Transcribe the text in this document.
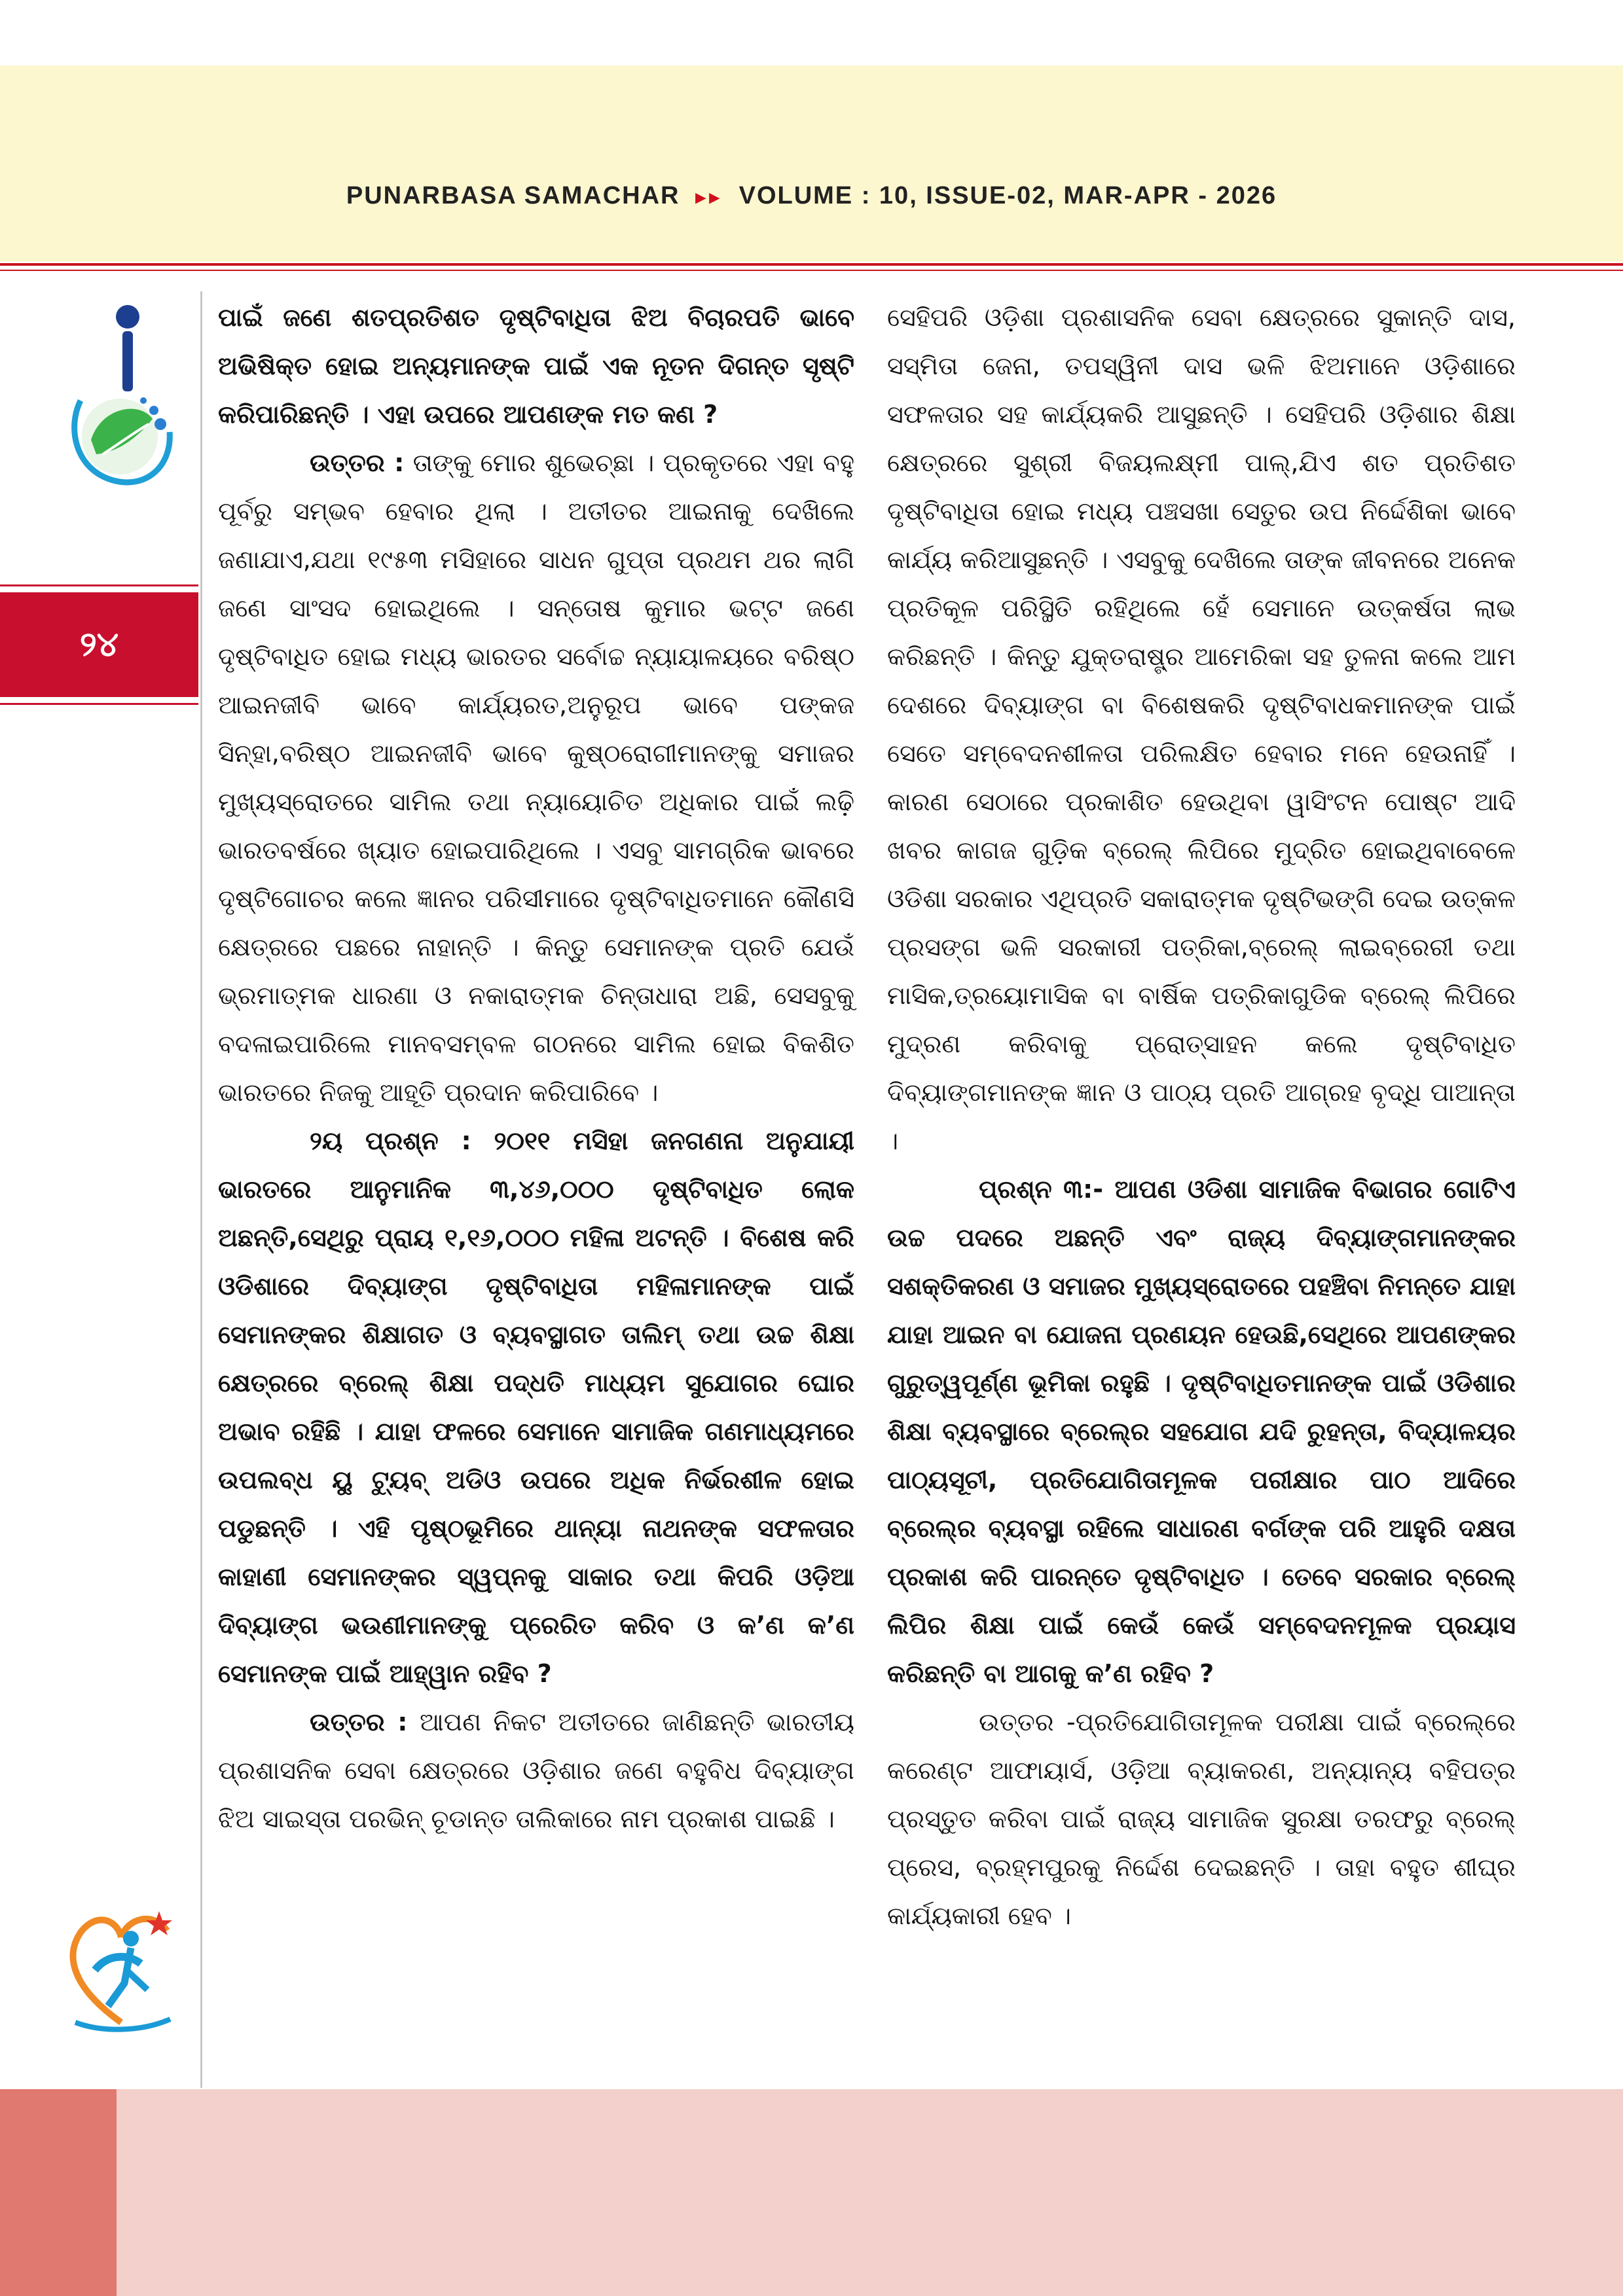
PUNARBASA SAMACHAR ▸▸ VOLUME : 10, ISSUE-02, MAR-APR - 2026
୨୪

ପାଇଁ ଜଣେ ଶତପ୍ରତିଶତ ଦୃଷ୍ଟିବାଧିତା ଝିଅ ବିଚାରପତି ଭାବେ ଅଭିଷିକ୍ତ ହୋଇ ଅନ୍ୟମାନଙ୍କ ପାଇଁ ଏକ ନୂତନ ଦିଗନ୍ତ ସୃଷ୍ଟି କରିପାରିଛନ୍ତି । ଏହା ଉପରେ ଆପଣଙ୍କ ମତ କଣ ?

ଉତ୍ତର : ତାଙ୍କୁ ମୋର ଶୁଭେଚ୍ଛା । ପ୍ରକୃତରେ ଏହା ବହୁ ପୂର୍ବରୁ ସମ୍ଭବ ହେବାର ଥିଲା । ଅତୀତର ଆଇନାକୁ ଦେଖିଲେ ଜଣାଯାଏ,ଯଥା ୧୯୫୩ ମସିହାରେ ସାଧନ ଗୁପ୍ତା ପ୍ରଥମ ଥର ଲାଗି ଜଣେ ସାଂସଦ ହୋଇଥିଲେ । ସନ୍ତୋଷ କୁମାର ଭଟ୍ଟ ଜଣେ ଦୃଷ୍ଟିବାଧିତ ହୋଇ ମଧ୍ୟ ଭାରତର ସର୍ବୋଚ୍ଚ ନ୍ୟାୟାଳୟରେ ବରିଷ୍ଠ ଆଇନଜୀବି ଭାବେ କାର୍ଯ୍ୟରତ,ଅନୁରୂପ ଭାବେ ପଙ୍କଜ ସିନ୍ହା,ବରିଷ୍ଠ ଆଇନଜୀବି ଭାବେ କୁଷ୍ଠରୋଗୀମାନଙ୍କୁ ସମାଜର ମୁଖ୍ୟସ୍ରୋତରେ ସାମିଲ ତଥା ନ୍ୟାୟୋଚିତ ଅଧିକାର ପାଇଁ ଲଢ଼ି ଭାରତବର୍ଷରେ ଖ୍ୟାତ ହୋଇପାରିଥିଲେ । ଏସବୁ ସାମଗ୍ରିକ ଭାବରେ ଦୃଷ୍ଟିଗୋଚର କଲେ ଜ୍ଞାନର ପରିସୀମାରେ ଦୃଷ୍ଟିବାଧିତମାନେ କୌଣସି କ୍ଷେତ୍ରରେ ପଛରେ ନାହାନ୍ତି । କିନ୍ତୁ ସେମାନଙ୍କ ପ୍ରତି ଯେଉଁ ଭ୍ରମାତ୍ମକ ଧାରଣା ଓ ନକାରାତ୍ମକ ଚିନ୍ତାଧାରା ଅଛି, ସେସବୁକୁ ବଦଳାଇପାରିଲେ ମାନବସମ୍ବଳ ଗଠନରେ ସାମିଲ ହୋଇ ବିକଶିତ ଭାରତରେ ନିଜକୁ ଆହୂତି ପ୍ରଦାନ କରିପାରିବେ ।

୨ୟ ପ୍ରଶ୍ନ : ୨୦୧୧ ମସିହା ଜନଗଣନା ଅନୁଯାୟୀ ଭାରତରେ ଆନୁମାନିକ ୩,୪୬,୦୦୦ ଦୃଷ୍ଟିବାଧିତ ଲୋକ ଅଛନ୍ତି,ସେଥିରୁ ପ୍ରାୟ ୧,୧୬,୦୦୦ ମହିଳା ଅଟନ୍ତି । ବିଶେଷ କରି ଓଡିଶାରେ ଦିବ୍ୟାଙ୍ଗ ଦୃଷ୍ଟିବାଧିତା ମହିଳାମାନଙ୍କ ପାଇଁ ସେମାନଙ୍କର ଶିକ୍ଷାଗତ ଓ ବ୍ୟବସ୍ଥାଗତ ତାଲିମ୍ ତଥା ଉଚ୍ଚ ଶିକ୍ଷା କ୍ଷେତ୍ରରେ ବ୍ରେଲ୍ ଶିକ୍ଷା ପଦ୍ଧତି ମାଧ୍ୟମ ସୁଯୋଗର ଘୋର ଅଭାବ ରହିଛି । ଯାହା ଫଳରେ ସେମାନେ ସାମାଜିକ ଗଣମାଧ୍ୟମରେ ଉପଲବ୍ଧ ୟୁ ଟ୍ୟୁବ୍ ଅଡିଓ ଉପରେ ଅଧିକ ନିର୍ଭରଶୀଳ ହୋଇ ପଡୁଛନ୍ତି । ଏହି ପୃଷ୍ଠଭୂମିରେ ଥାନ୍ୟା ନାଥନଙ୍କ ସଫଳତାର କାହାଣୀ ସେମାନଙ୍କର ସ୍ୱପ୍ନକୁ ସାକାର ତଥା କିପରି ଓଡ଼ିଆ ଦିବ୍ୟାଙ୍ଗ ଭଉଣୀମାନଙ୍କୁ ପ୍ରେରିତ କରିବ ଓ କ’ଣ କ’ଣ ସେମାନଙ୍କ ପାଇଁ ଆହ୍ୱାନ ରହିବ ?

ଉତ୍ତର : ଆପଣ ନିକଟ ଅତୀତରେ ଜାଣିଛନ୍ତି ଭାରତୀୟ ପ୍ରଶାସନିକ ସେବା କ୍ଷେତ୍ରରେ ଓଡ଼ିଶାର ଜଣେ ବହୁବିଧ ଦିବ୍ୟାଙ୍ଗ ଝିଅ ସାଇସ୍ତା ପରଭିନ୍ ଚୂଡାନ୍ତ ତାଲିକାରେ ନାମ ପ୍ରକାଶ ପାଇଛି ।

ସେହିପରି ଓଡ଼ିଶା ପ୍ରଶାସନିକ ସେବା କ୍ଷେତ୍ରରେ ସୁକାନ୍ତି ଦାସ, ସସ୍ମିତା ଜେନା, ତପସ୍ୱିନୀ ଦାସ ଭଳି ଝିଅମାନେ ଓଡ଼ିଶାରେ ସଫଳତାର ସହ କାର୍ଯ୍ୟକରି ଆସୁଛନ୍ତି । ସେହିପରି ଓଡ଼ିଶାର ଶିକ୍ଷା କ୍ଷେତ୍ରରେ ସୁଶ୍ରୀ ବିଜୟଲକ୍ଷ୍ମୀ ପାଲ୍,ଯିଏ ଶତ ପ୍ରତିଶତ ଦୃଷ୍ଟିବାଧିତା ହୋଇ ମଧ୍ୟ ପଞ୍ଚସଖା ସେତୁର ଉପ ନିର୍ଦ୍ଦେଶିକା ଭାବେ କାର୍ଯ୍ୟ କରିଆସୁଛନ୍ତି । ଏସବୁକୁ ଦେଖିଲେ ତାଙ୍କ ଜୀବନରେ ଅନେକ ପ୍ରତିକୂଳ ପରିସ୍ଥିତି ରହିଥିଲେ ହେଁ ସେମାନେ ଉତ୍କର୍ଷତା ଲାଭ କରିଛନ୍ତି । କିନ୍ତୁ ଯୁକ୍ତରାଷ୍ଟ୍ର ଆମେରିକା ସହ ତୁଳନା କଲେ ଆମ ଦେଶରେ ଦିବ୍ୟାଙ୍ଗ ବା ବିଶେଷକରି ଦୃଷ୍ଟିବାଧକମାନଙ୍କ ପାଇଁ ସେତେ ସମ୍ବେଦନଶୀଳତା ପରିଲକ୍ଷିତ ହେବାର ମନେ ହେଉନାହିଁ । କାରଣ ସେଠାରେ ପ୍ରକାଶିତ ହେଉଥିବା ୱାସିଂଟନ ପୋଷ୍ଟ ଆଦି ଖବର କାଗଜ ଗୁଡ଼ିକ ବ୍ରେଲ୍ ଲିପିରେ ମୁଦ୍ରିତ ହୋଇଥିବାବେଳେ ଓଡିଶା ସରକାର ଏଥିପ୍ରତି ସକାରାତ୍ମକ ଦୃଷ୍ଟିଭଙ୍ଗି ଦେଇ ଉତ୍କଳ ପ୍ରସଙ୍ଗ ଭଳି ସରକାରୀ ପତ୍ରିକା,ବ୍ରେଲ୍ ଲାଇବ୍ରେରୀ ତଥା ମାସିକ,ତ୍ରୟୋମାସିକ ବା ବାର୍ଷିକ ପତ୍ରିକାଗୁଡିକ ବ୍ରେଲ୍ ଲିପିରେ ମୁଦ୍ରଣ କରିବାକୁ ପ୍ରୋତ୍ସାହନ କଲେ ଦୃଷ୍ଟିବାଧିତ ଦିବ୍ୟାଙ୍ଗମାନଙ୍କ ଜ୍ଞାନ ଓ ପାଠ୍ୟ ପ୍ରତି ଆଗ୍ରହ ବୃଦ୍ଧି ପାଆନ୍ତା ।

ପ୍ରଶ୍ନ ୩:- ଆପଣ ଓଡିଶା ସାମାଜିକ ବିଭାଗର ଗୋଟିଏ ଉଚ୍ଚ ପଦରେ ଅଛନ୍ତି ଏବଂ ରାଜ୍ୟ ଦିବ୍ୟାଙ୍ଗମାନଙ୍କର ସଶକ୍ତିକରଣ ଓ ସମାଜର ମୁଖ୍ୟସ୍ରୋତରେ ପହଞ୍ଚିବା ନିମନ୍ତେ ଯାହା ଯାହା ଆଇନ ବା ଯୋଜନା ପ୍ରଣୟନ ହେଉଛି,ସେଥିରେ ଆପଣଙ୍କର ଗୁରୁତ୍ୱପୂର୍ଣ୍ଣ ଭୂମିକା ରହୁଛି । ଦୃଷ୍ଟିବାଧିତମାନଙ୍କ ପାଇଁ ଓଡିଶାର ଶିକ୍ଷା ବ୍ୟବସ୍ଥାରେ ବ୍ରେଲ୍‌ର ସହଯୋଗ ଯଦି ରୁହନ୍ତା, ବିଦ୍ୟାଳୟର ପାଠ୍ୟସୂଚୀ, ପ୍ରତିଯୋଗିତାମୂଳକ ପରୀକ୍ଷାର ପାଠ ଆଦିରେ ବ୍ରେଲ୍‌ର ବ୍ୟବସ୍ଥା ରହିଲେ ସାଧାରଣ ବର୍ଗଙ୍କ ପରି ଆହୁରି ଦକ୍ଷତା ପ୍ରକାଶ କରି ପାରନ୍ତେ ଦୃଷ୍ଟିବାଧିତ । ତେବେ ସରକାର ବ୍ରେଲ୍ ଲିପିର ଶିକ୍ଷା ପାଇଁ କେଉଁ କେଉଁ ସମ୍ବେଦନମୂଳକ ପ୍ରୟାସ କରିଛନ୍ତି ବା ଆଗକୁ କ’ଣ ରହିବ ?

ଉତ୍ତର -ପ୍ରତିଯୋଗିତାମୂଳକ ପରୀକ୍ଷା ପାଇଁ ବ୍ରେଲ୍‌ରେ କରେଣ୍ଟ ଆଫାୟାର୍ସ, ଓଡ଼ିଆ ବ୍ୟାକରଣ, ଅନ୍ୟାନ୍ୟ ବହିପତ୍ର ପ୍ରସ୍ତୁତ କରିବା ପାଇଁ ରାଜ୍ୟ ସାମାଜିକ ସୁରକ୍ଷା ତରଫରୁ ବ୍ରେଲ୍ ପ୍ରେସ, ବ୍ରହ୍ମପୁରକୁ ନିର୍ଦ୍ଦେଶ ଦେଇଛନ୍ତି । ତାହା ବହୁତ ଶୀଘ୍ର କାର୍ଯ୍ୟକାରୀ ହେବ ।
